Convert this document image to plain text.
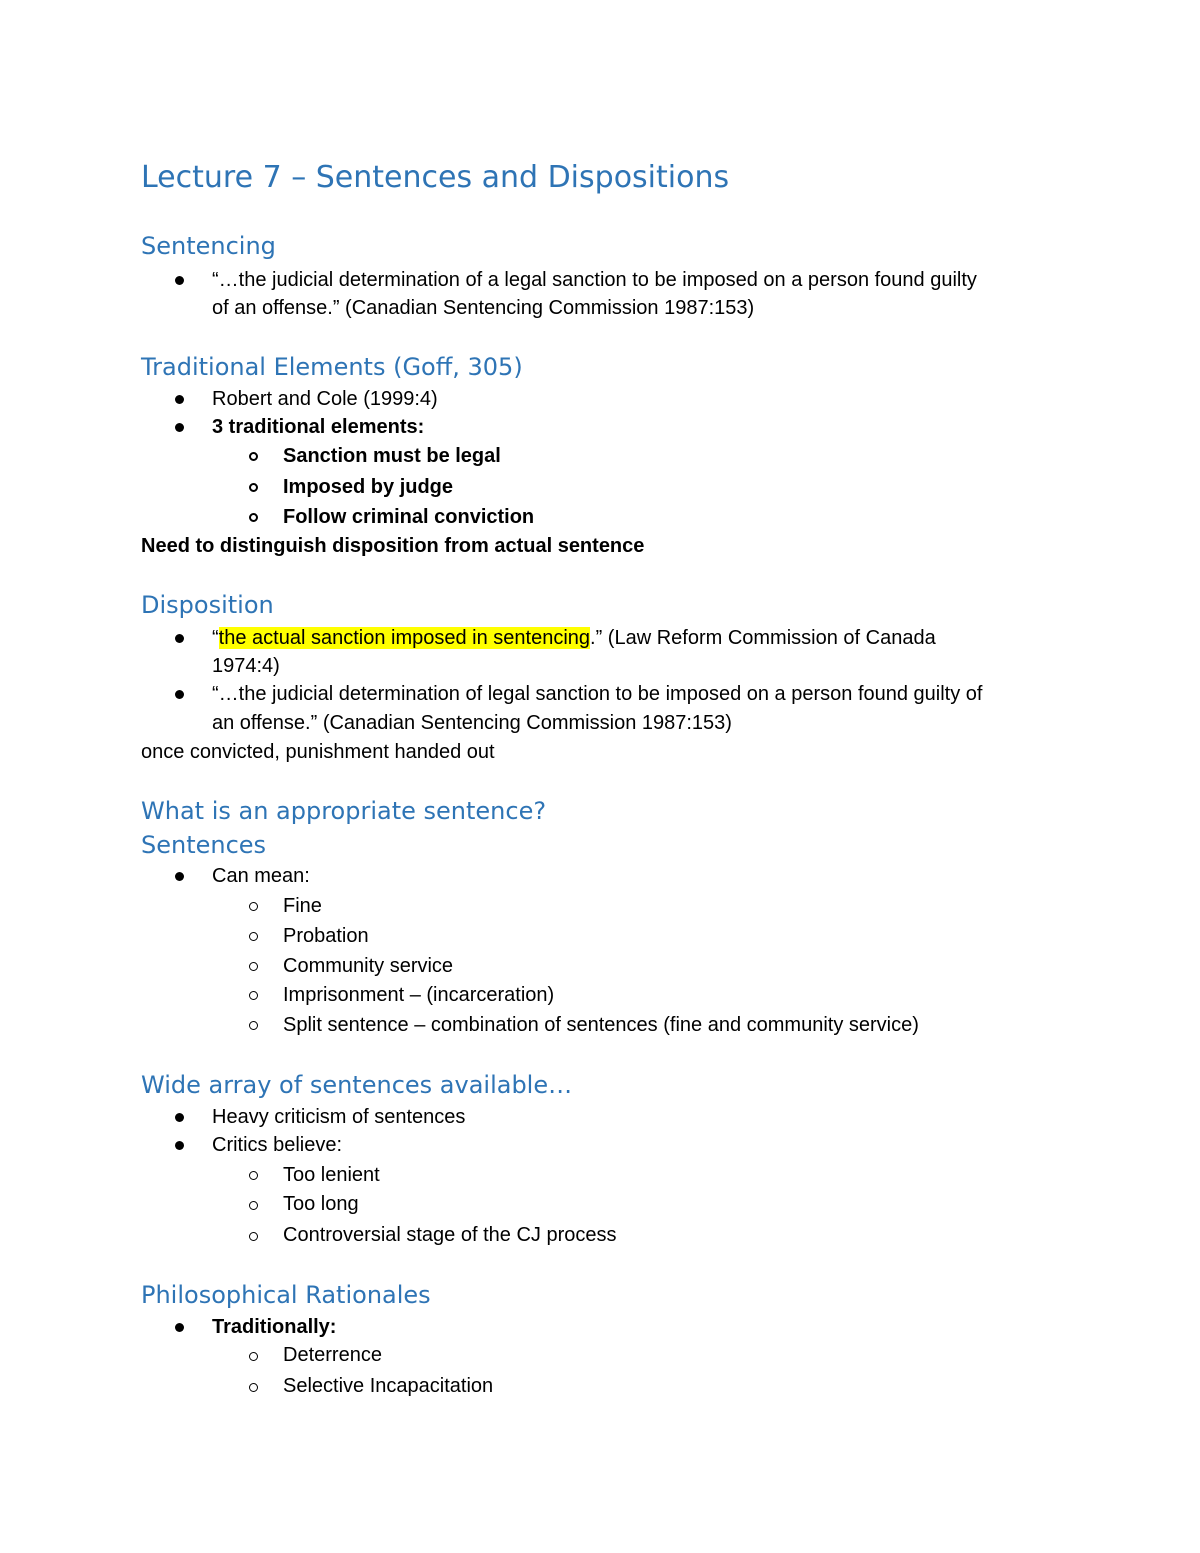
Lecture 7 – Sentences and Dispositions
Sentencing

“…the judicial determination of a legal sanction to be imposed on a person found guilty

of an offense.” (Canadian Sentencing Commission 1987:153)

Traditional Elements (Goff, 305)

Robert and Cole (1999:4)

3 traditional elements:

Sanction must be legal

Imposed by judge

Follow criminal conviction

Need to distinguish disposition from actual sentence

Disposition

“the actual sanction imposed in sentencing.” (Law Reform Commission of Canada

1974:4)

“…the judicial determination of legal sanction to be imposed on a person found guilty of

an offense.” (Canadian Sentencing Commission 1987:153)

once convicted, punishment handed out

What is an appropriate sentence?
Sentences

Can mean:

Fine

Probation

Community service

Imprisonment – (incarceration)

Split sentence – combination of sentences (fine and community service)

Wide array of sentences available…

Heavy criticism of sentences

Critics believe:

Too lenient

Too long

Controversial stage of the CJ process

Philosophical Rationales

Traditionally:

Deterrence

Selective Incapacitation
